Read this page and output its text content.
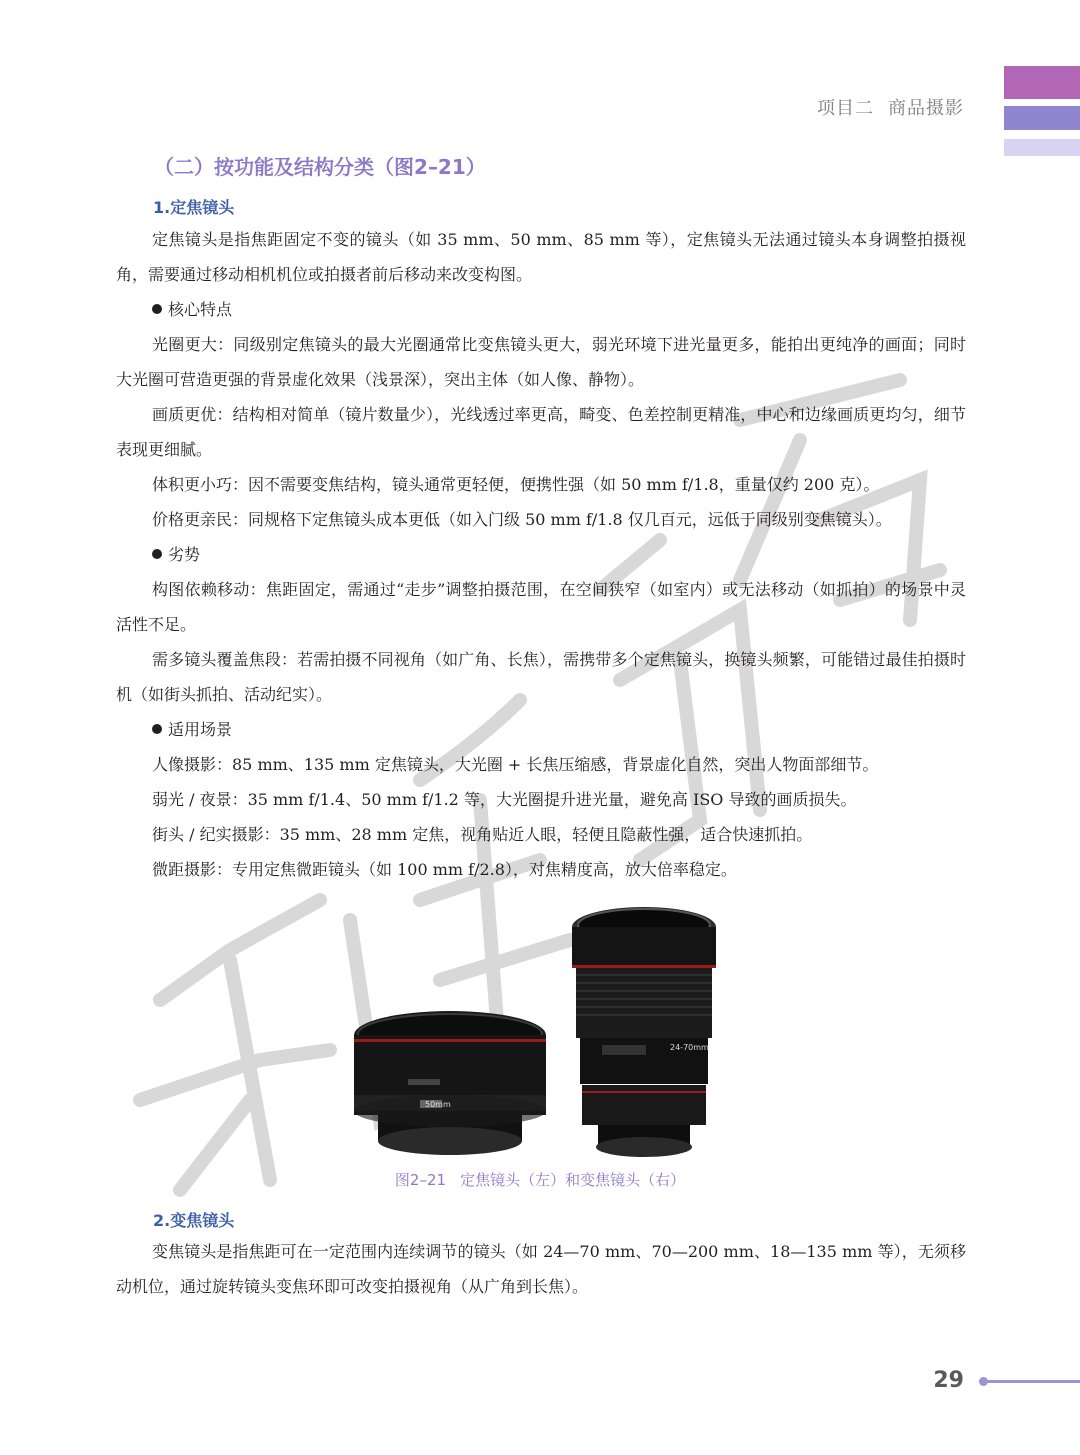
项目二 商品摄影
（二）按功能及结构分类（图2–21）
1.定焦镜头

定焦镜头是指焦距固定不变的镜头（如 35 mm、50 mm、85 mm 等），定焦镜头无法通过镜头本身调整拍摄视角，需要通过移动相机机位或拍摄者前后移动来改变构图。

核心特点

光圈更大：同级别定焦镜头的最大光圈通常比变焦镜头更大，弱光环境下进光量更多，能拍出更纯净的画面；同时大光圈可营造更强的背景虚化效果（浅景深），突出主体（如人像、静物）。

画质更优：结构相对简单（镜片数量少），光线透过率更高，畸变、色差控制更精准，中心和边缘画质更均匀，细节表现更细腻。

体积更小巧：因不需要变焦结构，镜头通常更轻便，便携性强（如 50 mm f/1.8，重量仅约 200 克）。

价格更亲民：同规格下定焦镜头成本更低（如入门级 50 mm f/1.8 仅几百元，远低于同级别变焦镜头）。

劣势

构图依赖移动：焦距固定，需通过“走步”调整拍摄范围，在空间狭窄（如室内）或无法移动（如抓拍）的场景中灵活性不足。

需多镜头覆盖焦段：若需拍摄不同视角（如广角、长焦），需携带多个定焦镜头，换镜头频繁，可能错过最佳拍摄时机（如街头抓拍、活动纪实）。

适用场景

人像摄影：85 mm、135 mm 定焦镜头，大光圈 + 长焦压缩感，背景虚化自然，突出人物面部细节。

弱光 / 夜景：35 mm f/1.4、50 mm f/1.2 等，大光圈提升进光量，避免高 ISO 导致的画质损失。

街头 / 纪实摄影：35 mm、28 mm 定焦，视角贴近人眼，轻便且隐蔽性强，适合快速抓拍。

微距摄影：专用定焦微距镜头（如 100 mm f/2.8），对焦精度高，放大倍率稳定。

50mm
24-70mm
图2–21 定焦镜头（左）和变焦镜头（右）
2.变焦镜头

变焦镜头是指焦距可在一定范围内连续调节的镜头（如 24—70 mm、70—200 mm、18—135 mm 等），无须移动机位，通过旋转镜头变焦环即可改变拍摄视角（从广角到长焦）。

29
